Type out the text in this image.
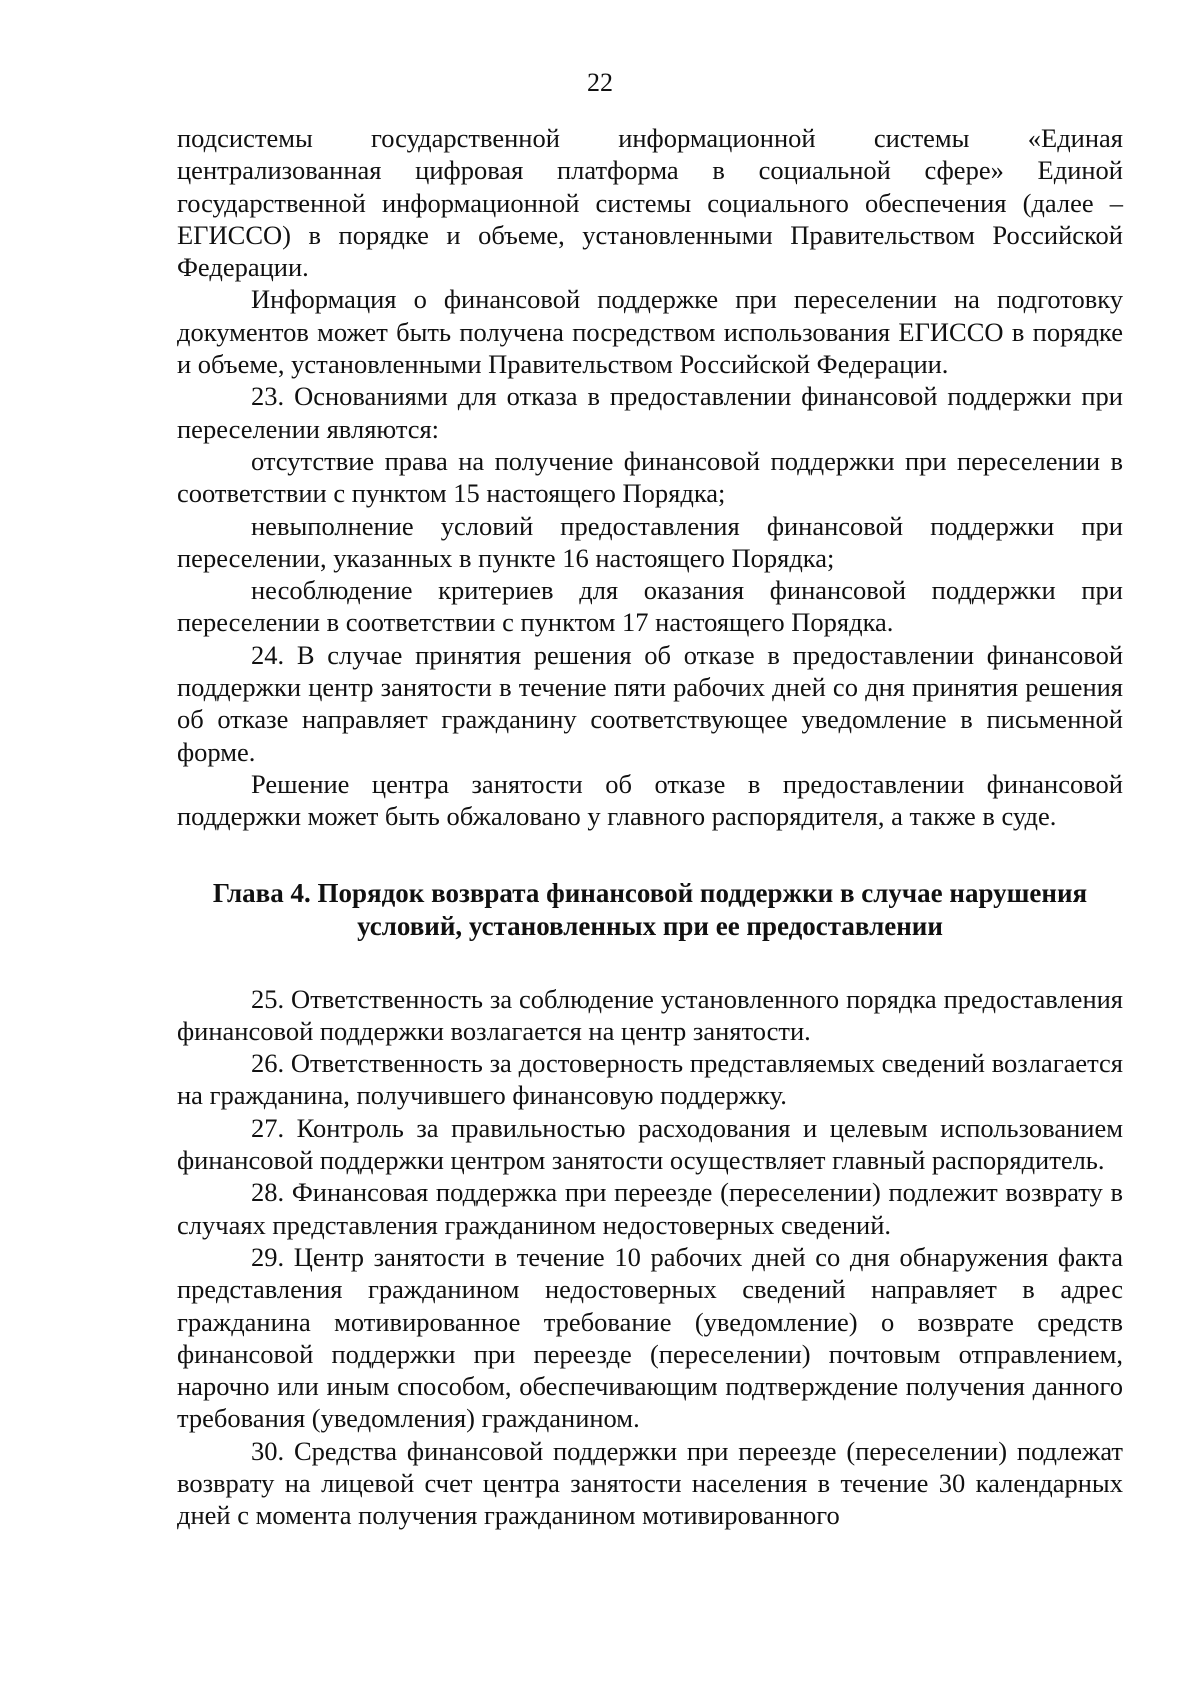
22

подсистемы государственной информационной системы «Единая централизованная цифровая платформа в социальной сфере» Единой государственной информационной системы социального обеспечения (далее – ЕГИССО) в порядке и объеме, установленными Правительством Российской Федерации.

Информация о финансовой поддержке при переселении на подготовку документов может быть получена посредством использования ЕГИССО в порядке и объеме, установленными Правительством Российской Федерации.

23. Основаниями для отказа в предоставлении финансовой поддержки при переселении являются:

отсутствие права на получение финансовой поддержки при переселении в соответствии с пунктом 15 настоящего Порядка;

невыполнение условий предоставления финансовой поддержки при переселении, указанных в пункте 16 настоящего Порядка;

несоблюдение критериев для оказания финансовой поддержки при переселении в соответствии с пунктом 17 настоящего Порядка.

24. В случае принятия решения об отказе в предоставлении финансовой поддержки центр занятости в течение пяти рабочих дней со дня принятия решения об отказе направляет гражданину соответствующее уведомление в письменной форме.

Решение центра занятости об отказе в предоставлении финансовой поддержки может быть обжаловано у главного распорядителя, а также в суде.

Глава 4. Порядок возврата финансовой поддержки в случае нарушения
условий, установленных при ее предоставлении

25. Ответственность за соблюдение установленного порядка предоставления финансовой поддержки возлагается на центр занятости.

26. Ответственность за достоверность представляемых сведений возлагается на гражданина, получившего финансовую поддержку.

27. Контроль за правильностью расходования и целевым использованием финансовой поддержки центром занятости осуществляет главный распорядитель.

28. Финансовая поддержка при переезде (переселении) подлежит возврату в случаях представления гражданином недостоверных сведений.

29. Центр занятости в течение 10 рабочих дней со дня обнаружения факта представления гражданином недостоверных сведений направляет в адрес гражданина мотивированное требование (уведомление) о возврате средств финансовой поддержки при переезде (переселении) почтовым отправлением, нарочно или иным способом, обеспечивающим подтверждение получения данного требования (уведомления) гражданином.

30. Средства финансовой поддержки при переезде (переселении) подлежат возврату на лицевой счет центра занятости населения в течение 30 календарных дней с момента получения гражданином мотивированного
